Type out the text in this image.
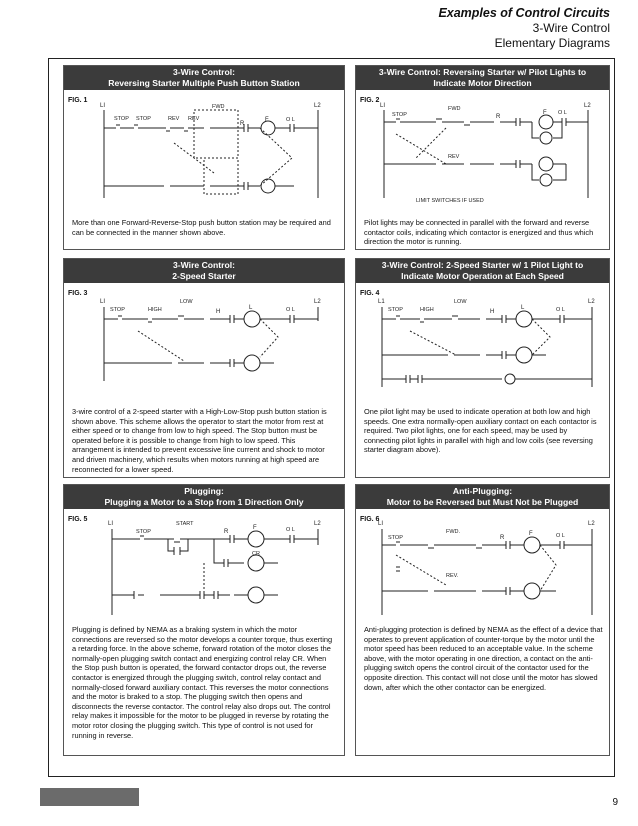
Examples of Control Circuits
3-Wire Control
Elementary Diagrams
3-Wire Control:
Reversing Starter Multiple Push Button Station
FIG. 1
LI	L2
STOP STOP	REV REV
FWD
R
F	O L
More than one Forward-Reverse-Stop push button station may be required and can be connected in the manner shown above.
3-Wire Control: Reversing Starter w/ Pilot Lights to
Indicate Motor Direction
FIG. 2
LI	L2
STOP
FWD
R
F O L
REV
LIMIT SWITCHES IF USED
Pilot lights may be connected in parallel with the forward and reverse contactor coils, indicating which contactor is energized and thus which direction the motor is running.
3-Wire Control:
2-Speed Starter
FIG. 3
LI	L2
STOP	HIGH
LOW
H
L	O L
3-wire control of a 2-speed starter with a High-Low-Stop push button station is shown above. This scheme allows the operator to start the motor from rest at either speed or to change from low to high speed. The Stop button must be operated before it is possible to change from high to low speed. This arrangement is intended to prevent excessive line current and shock to motor and driven machinery, which results when motors running at high speed are reconnected for a lower speed.
3-Wire Control: 2-Speed Starter w/ 1 Pilot Light to
Indicate Motor Operation at Each Speed
FIG. 4
L1	L2
STOP	HIGH
LOW
H
L	O L
One pilot light may be used to indicate operation at both low and high speeds. One extra normally-open auxiliary contact on each contactor is required. Two pilot lights, one for each speed, may be used by connecting pilot lights in parallel with high and low coils (see reversing starter diagram above).
Plugging:
Plugging a Motor to a Stop from 1 Direction Only
FIG. 5
LI	L2
STOP
START
R
F	O L
CR
Plugging is defined by NEMA as a braking system in which the motor connections are reversed so the motor develops a counter torque, thus exerting a retarding force. In the above scheme, forward rotation of the motor closes the normally-open plugging switch contact and energizing control relay CR. When the Stop push button is operated, the forward contactor drops out, the reverse contactor is energized through the plugging switch, control relay contact and normally-closed forward auxiliary contact. This reverses the motor connections and the motor is braked to a stop. The plugging switch then opens and disconnects the reverse contactor. The control relay also drops out. The control relay makes it impossible for the motor to be plugged in reverse by rotating the motor rotor closing the plugging switch. This type of control is not used for running in reverse.
Anti-Plugging:
Motor to be Reversed but Must Not be Plugged
FIG. 6
LI	L2
STOP
FWD.
R
F	O L
REV.
Anti-plugging protection is defined by NEMA as the effect of a device that operates to prevent application of counter-torque by the motor until the motor speed has been reduced to an acceptable value. In the scheme above, with the motor operating in one direction, a contact on the anti-plugging switch opens the control circuit of the contactor used for the opposite direction. This contact will not close until the motor has slowed down, after which the other contactor can be energized.
9
